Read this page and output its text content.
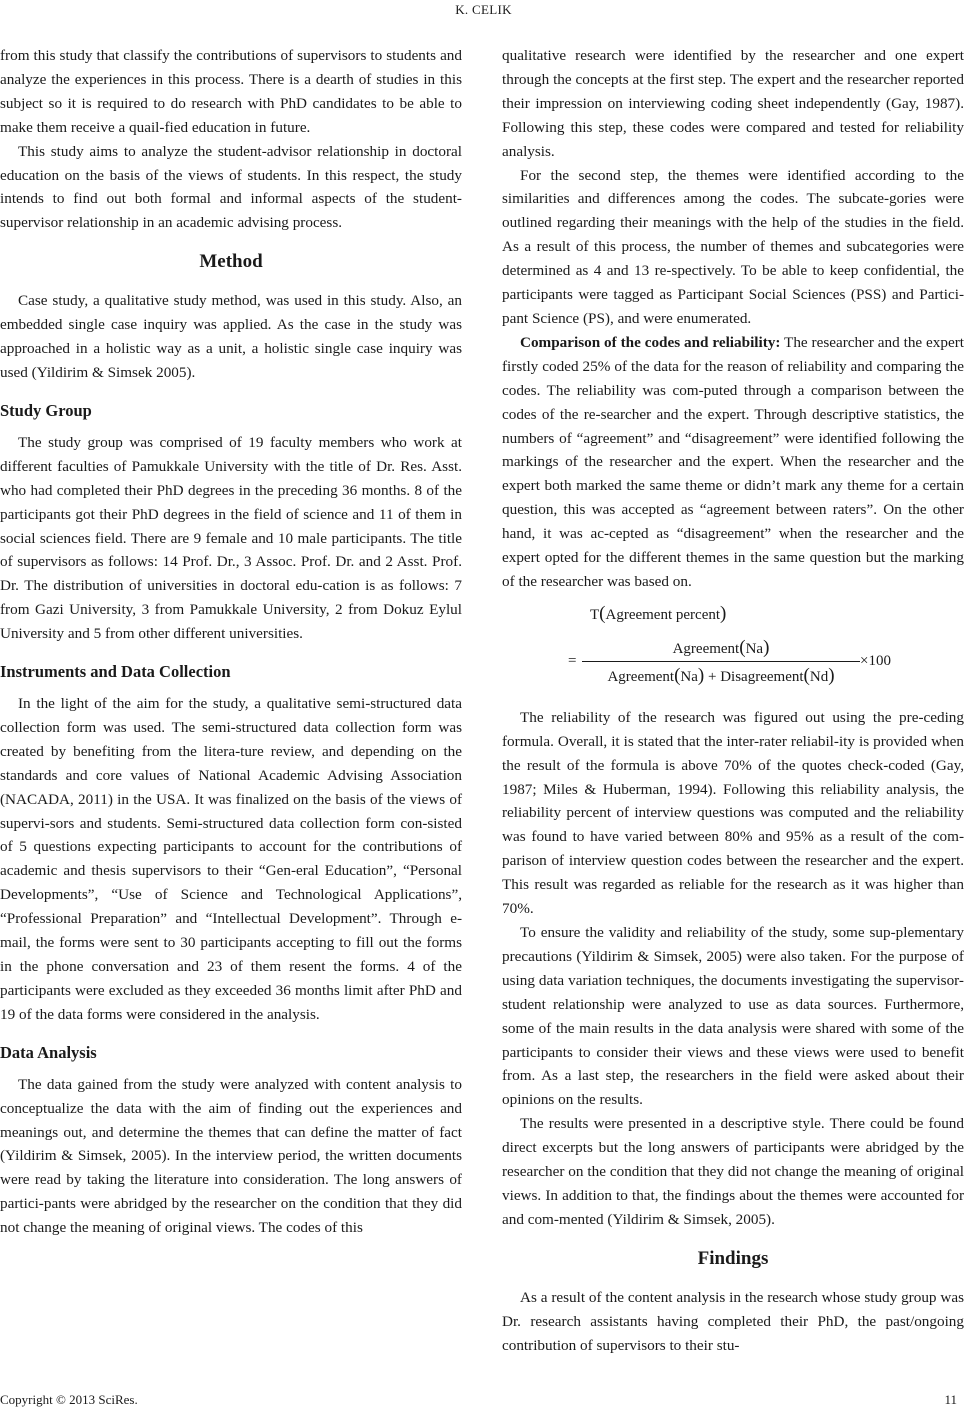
K. CELIK

from this study that classify the contributions of supervisors to students and analyze the experiences in this process. There is a dearth of studies in this subject so it is required to do research with PhD candidates to be able to make them receive a quail-fied education in future.

This study aims to analyze the student-advisor relationship in doctoral education on the basis of the views of students. In this respect, the study intends to find out both formal and informal aspects of the student-supervisor relationship in an academic advising process.

Method

Case study, a qualitative study method, was used in this study. Also, an embedded single case inquiry was applied. As the case in the study was approached in a holistic way as a unit, a holistic single case inquiry was used (Yildirim & Simsek 2005).

Study Group

The study group was comprised of 19 faculty members who work at different faculties of Pamukkale University with the title of Dr. Res. Asst. who had completed their PhD degrees in the preceding 36 months. 8 of the participants got their PhD degrees in the field of science and 11 of them in social sciences field. There are 9 female and 10 male participants. The title of supervisors as follows: 14 Prof. Dr., 3 Assoc. Prof. Dr. and 2 Asst. Prof. Dr. The distribution of universities in doctoral edu-cation is as follows: 7 from Gazi University, 3 from Pamukkale University, 2 from Dokuz Eylul University and 5 from other different universities.

Instruments and Data Collection

In the light of the aim for the study, a qualitative semi-structured data collection form was used. The semi-structured data collection form was created by benefiting from the litera-ture review, and depending on the standards and core values of National Academic Advising Association (NACADA, 2011) in the USA. It was finalized on the basis of the views of supervi-sors and students. Semi-structured data collection form con-sisted of 5 questions expecting participants to account for the contributions of academic and thesis supervisors to their “Gen-eral Education”, “Personal Developments”, “Use of Science and Technological Applications”, “Professional Preparation” and “Intellectual Development”. Through e-mail, the forms were sent to 30 participants accepting to fill out the forms in the phone conversation and 23 of them resent the forms. 4 of the participants were excluded as they exceeded 36 months limit after PhD and 19 of the data forms were considered in the analysis.

Data Analysis

The data gained from the study were analyzed with content analysis to conceptualize the data with the aim of finding out the experiences and meanings out, and determine the themes that can define the matter of fact (Yildirim & Simsek, 2005). In the interview period, the written documents were read by taking the literature into consideration. The long answers of partici-pants were abridged by the researcher on the condition that they did not change the meaning of original views. The codes of this

qualitative research were identified by the researcher and one expert through the concepts at the first step. The expert and the researcher reported their impression on interviewing coding sheet independently (Gay, 1987). Following this step, these codes were compared and tested for reliability analysis.

For the second step, the themes were identified according to the similarities and differences among the codes. The subcate-gories were outlined regarding their meanings with the help of the studies in the field. As a result of this process, the number of themes and subcategories were determined as 4 and 13 re-spectively. To be able to keep confidential, the participants were tagged as Participant Social Sciences (PSS) and Partici-pant Science (PS), and were enumerated.

Comparison of the codes and reliability: The researcher and the expert firstly coded 25% of the data for the reason of reliability and comparing the codes. The reliability was com-puted through a comparison between the codes of the re-searcher and the expert. Through descriptive statistics, the numbers of “agreement” and “disagreement” were identified following the markings of the researcher and the expert. When the researcher and the expert both marked the same theme or didn’t mark any theme for a certain question, this was accepted as “agreement between raters”. On the other hand, it was ac-cepted as “disagreement” when the researcher and the expert opted for the different themes in the same question but the marking of the researcher was based on.

T(Agreement percent)
=
Agreement(Na)
Agreement(Na) + Disagreement(Nd)
×100

The reliability of the research was figured out using the pre-ceding formula. Overall, it is stated that the inter-rater reliabil-ity is provided when the result of the formula is above 70% of the quotes check-coded (Gay, 1987; Miles & Huberman, 1994). Following this reliability analysis, the reliability percent of interview questions was computed and the reliability was found to have varied between 80% and 95% as a result of the com-parison of interview question codes between the researcher and the expert. This result was regarded as reliable for the research as it was higher than 70%.

To ensure the validity and reliability of the study, some sup-plementary precautions (Yildirim & Simsek, 2005) were also taken. For the purpose of using data variation techniques, the documents investigating the supervisor-student relationship were analyzed to use as data sources. Furthermore, some of the main results in the data analysis were shared with some of the participants to consider their views and these views were used to benefit from. As a last step, the researchers in the field were asked about their opinions on the results.

The results were presented in a descriptive style. There could be found direct excerpts but the long answers of participants were abridged by the researcher on the condition that they did not change the meaning of original views. In addition to that, the findings about the themes were accounted for and com-mented (Yildirim & Simsek, 2005).

Findings

As a result of the content analysis in the research whose study group was Dr. research assistants having completed their PhD, the past/ongoing contribution of supervisors to their stu-

Copyright © 2013 SciRes.	11
